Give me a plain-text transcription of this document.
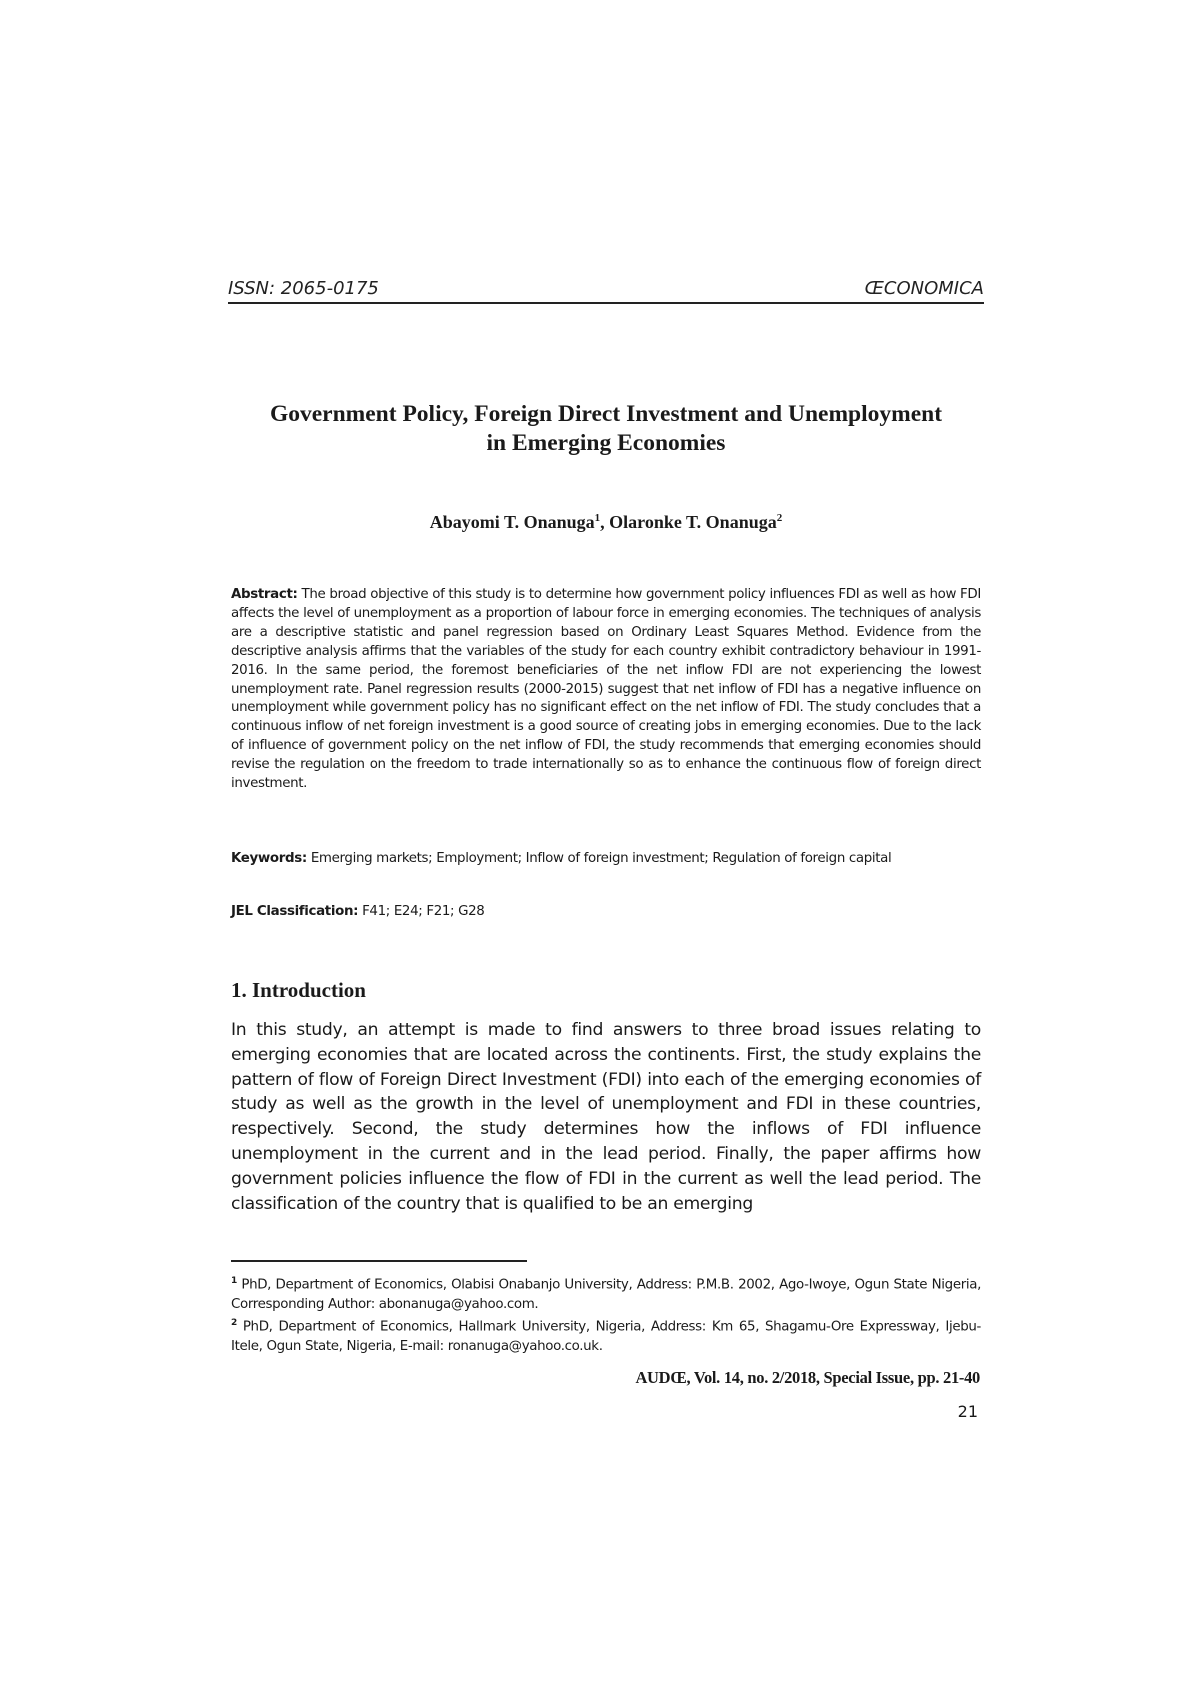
ISSN: 2065-0175	ŒCONOMICA
Government Policy, Foreign Direct Investment and Unemployment
in Emerging Economies
Abayomi T. Onanuga$^1$, Olaronke T. Onanuga$^2$
Abstract: The broad objective of this study is to determine how government policy influences FDI as well as how FDI affects the level of unemployment as a proportion of labour force in emerging economies. The techniques of analysis are a descriptive statistic and panel regression based on Ordinary Least Squares Method. Evidence from the descriptive analysis affirms that the variables of the study for each country exhibit contradictory behaviour in 1991-2016. In the same period, the foremost beneficiaries of the net inflow FDI are not experiencing the lowest unemployment rate. Panel regression results (2000-2015) suggest that net inflow of FDI has a negative influence on unemployment while government policy has no significant effect on the net inflow of FDI. The study concludes that a continuous inflow of net foreign investment is a good source of creating jobs in emerging economies. Due to the lack of influence of government policy on the net inflow of FDI, the study recommends that emerging economies should revise the regulation on the freedom to trade internationally so as to enhance the continuous flow of foreign direct investment.
Keywords: Emerging markets; Employment; Inflow of foreign investment; Regulation of foreign capital
JEL Classification: F41; E24; F21; G28
1. Introduction
In this study, an attempt is made to find answers to three broad issues relating to emerging economies that are located across the continents. First, the study explains the pattern of flow of Foreign Direct Investment (FDI) into each of the emerging economies of study as well as the growth in the level of unemployment and FDI in these countries, respectively. Second, the study determines how the inflows of FDI influence unemployment in the current and in the lead period. Finally, the paper affirms how government policies influence the flow of FDI in the current as well the lead period. The classification of the country that is qualified to be an emerging

$^1$ PhD, Department of Economics, Olabisi Onabanjo University, Address: P.M.B. 2002, Ago-Iwoye, Ogun State Nigeria, Corresponding Author: abonanuga@yahoo.com.

$^2$ PhD, Department of Economics, Hallmark University, Nigeria, Address: Km 65, Shagamu-Ore Expressway, Ijebu-Itele, Ogun State, Nigeria, E-mail: ronanuga@yahoo.co.uk.

AUDŒ, Vol. 14, no. 2/2018, Special Issue, pp. 21-40
21
